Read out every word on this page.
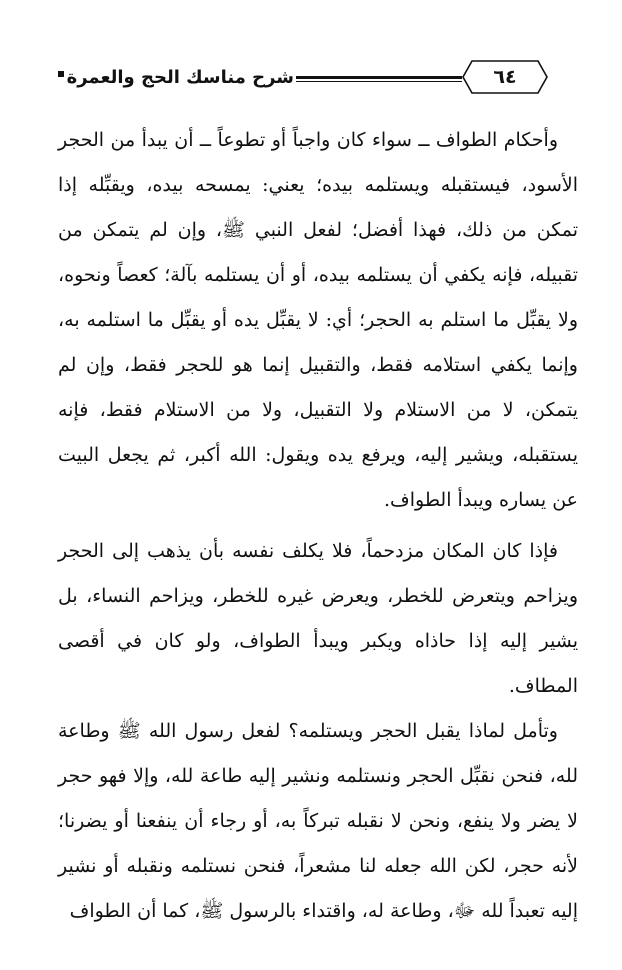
شرح مناسك الحج والعمرة	٦٤

وأحكام الطواف ــ سواء كان واجباً أو تطوعاً ــ أن يبدأ من الحجر الأسود، فيستقبله ويستلمه بيده؛ يعني: يمسحه بيده، ويقبِّله إذا تمكن من ذلك، فهذا أفضل؛ لفعل النبي ﷺ، وإن لم يتمكن من تقبيله، فإنه يكفي أن يستلمه بيده، أو أن يستلمه بآلة؛ كعصاً ونحوه، ولا يقبِّل ما استلم به الحجر؛ أي: لا يقبِّل يده أو يقبِّل ما استلمه به، وإنما يكفي استلامه فقط، والتقبيل إنما هو للحجر فقط، وإن لم يتمكن، لا من الاستلام ولا التقبيل، ولا من الاستلام فقط، فإنه يستقبله، ويشير إليه، ويرفع يده ويقول: الله أكبر، ثم يجعل البيت عن يساره ويبدأ الطواف.

فإذا كان المكان مزدحماً، فلا يكلف نفسه بأن يذهب إلى الحجر ويزاحم ويتعرض للخطر، ويعرض غيره للخطر، ويزاحم النساء، بل يشير إليه إذا حاذاه ويكبر ويبدأ الطواف، ولو كان في أقصى المطاف.

وتأمل لماذا يقبل الحجر ويستلمه؟ لفعل رسول الله ﷺ وطاعة لله، فنحن نقبِّل الحجر ونستلمه ونشير إليه طاعة لله، وإلا فهو حجر لا يضر ولا ينفع، ونحن لا نقبله تبركاً به، أو رجاء أن ينفعنا أو يضرنا؛ لأنه حجر، لكن الله جعله لنا مشعراً، فنحن نستلمه ونقبله أو نشير إليه تعبداً لله ﷻ، وطاعة له، واقتداء بالرسول ﷺ، كما أن الطواف
